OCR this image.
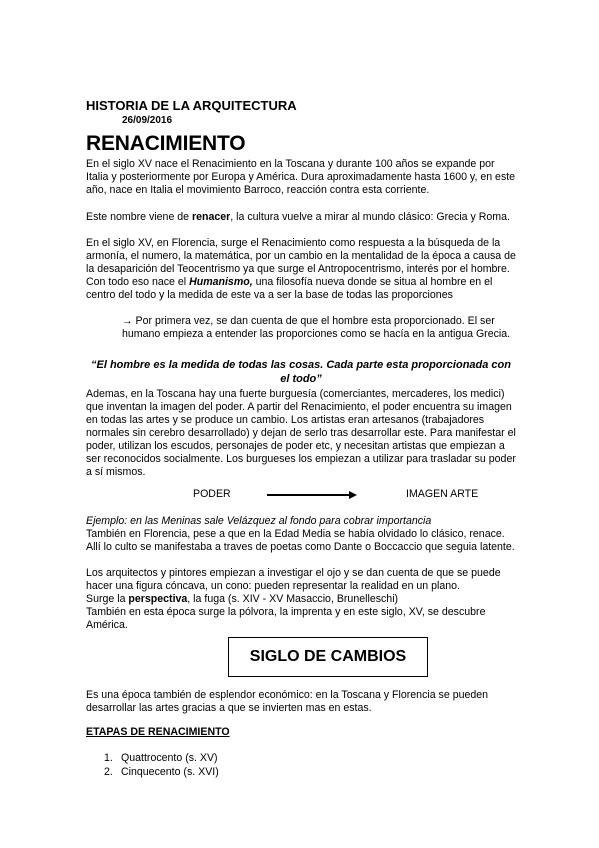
HISTORIA DE LA ARQUITECTURA
26/09/2016
RENACIMIENTO

En el siglo XV nace el Renacimiento en la Toscana y durante 100 años se expande por Italia y posteriormente por Europa y América. Dura aproximadamente hasta 1600 y, en este año, nace en Italia el movimiento Barroco, reacción contra esta corriente.

Este nombre viene de renacer, la cultura vuelve a mirar al mundo clásico: Grecia y Roma.

En el siglo XV, en Florencia, surge el Renacimiento como respuesta a la búsqueda de la armonía, el numero, la matemática, por un cambio en la mentalidad de la época a causa de la desaparición del Teocentrismo ya que surge el Antropocentrismo, interés por el hombre. Con todo eso nace el Humanismo, una filosofía nueva donde se situa al hombre en el centro del todo y la medida de este va a ser la base de todas las proporciones

→ Por primera vez, se dan cuenta de que el hombre esta proporcionado. El ser humano empieza a entender las proporciones como se hacía en la antigua Grecia.

“El hombre es la medida de todas las cosas. Cada parte esta proporcionada con el todo”

Ademas, en la Toscana hay una fuerte burguesía (comerciantes, mercaderes, los medici) que inventan la imagen del poder. A partir del Renacimiento, el poder encuentra su imagen en todas las artes y se produce un cambio. Los artistas eran artesanos (trabajadores normales sin cerebro desarrollado) y dejan de serlo tras desarrollar este. Para manifestar el poder, utilizan los escudos, personajes de poder etc, y necesitan artistas que empiezan a ser reconocidos socialmente. Los burgueses los empiezan a utilizar para trasladar su poder a sí mismos.

PODER	IMAGEN ARTE

Ejemplo: en las Meninas sale Velázquez al fondo para cobrar importancia

También en Florencia, pese a que en la Edad Media se había olvidado lo clásico, renace. Allí lo culto se manifestaba a traves de poetas como Dante o Boccaccio que seguia latente.

Los arquitectos y pintores empiezan a investigar el ojo y se dan cuenta de que se puede hacer una figura cóncava, un cono: pueden representar la realidad en un plano.

Surge la perspectiva, la fuga (s. XIV - XV Masaccio, Brunelleschi)

También en esta época surge la pólvora, la imprenta y en este siglo, XV, se descubre América.

SIGLO DE CAMBIOS

Es una época también de esplendor económico: en la Toscana y Florencia se pueden desarrollar las artes gracias a que se invierten mas en estas.

ETAPAS DE RENACIMIENTO
1. Quattrocento (s. XV)
2. Cinquecento (s. XVI)
